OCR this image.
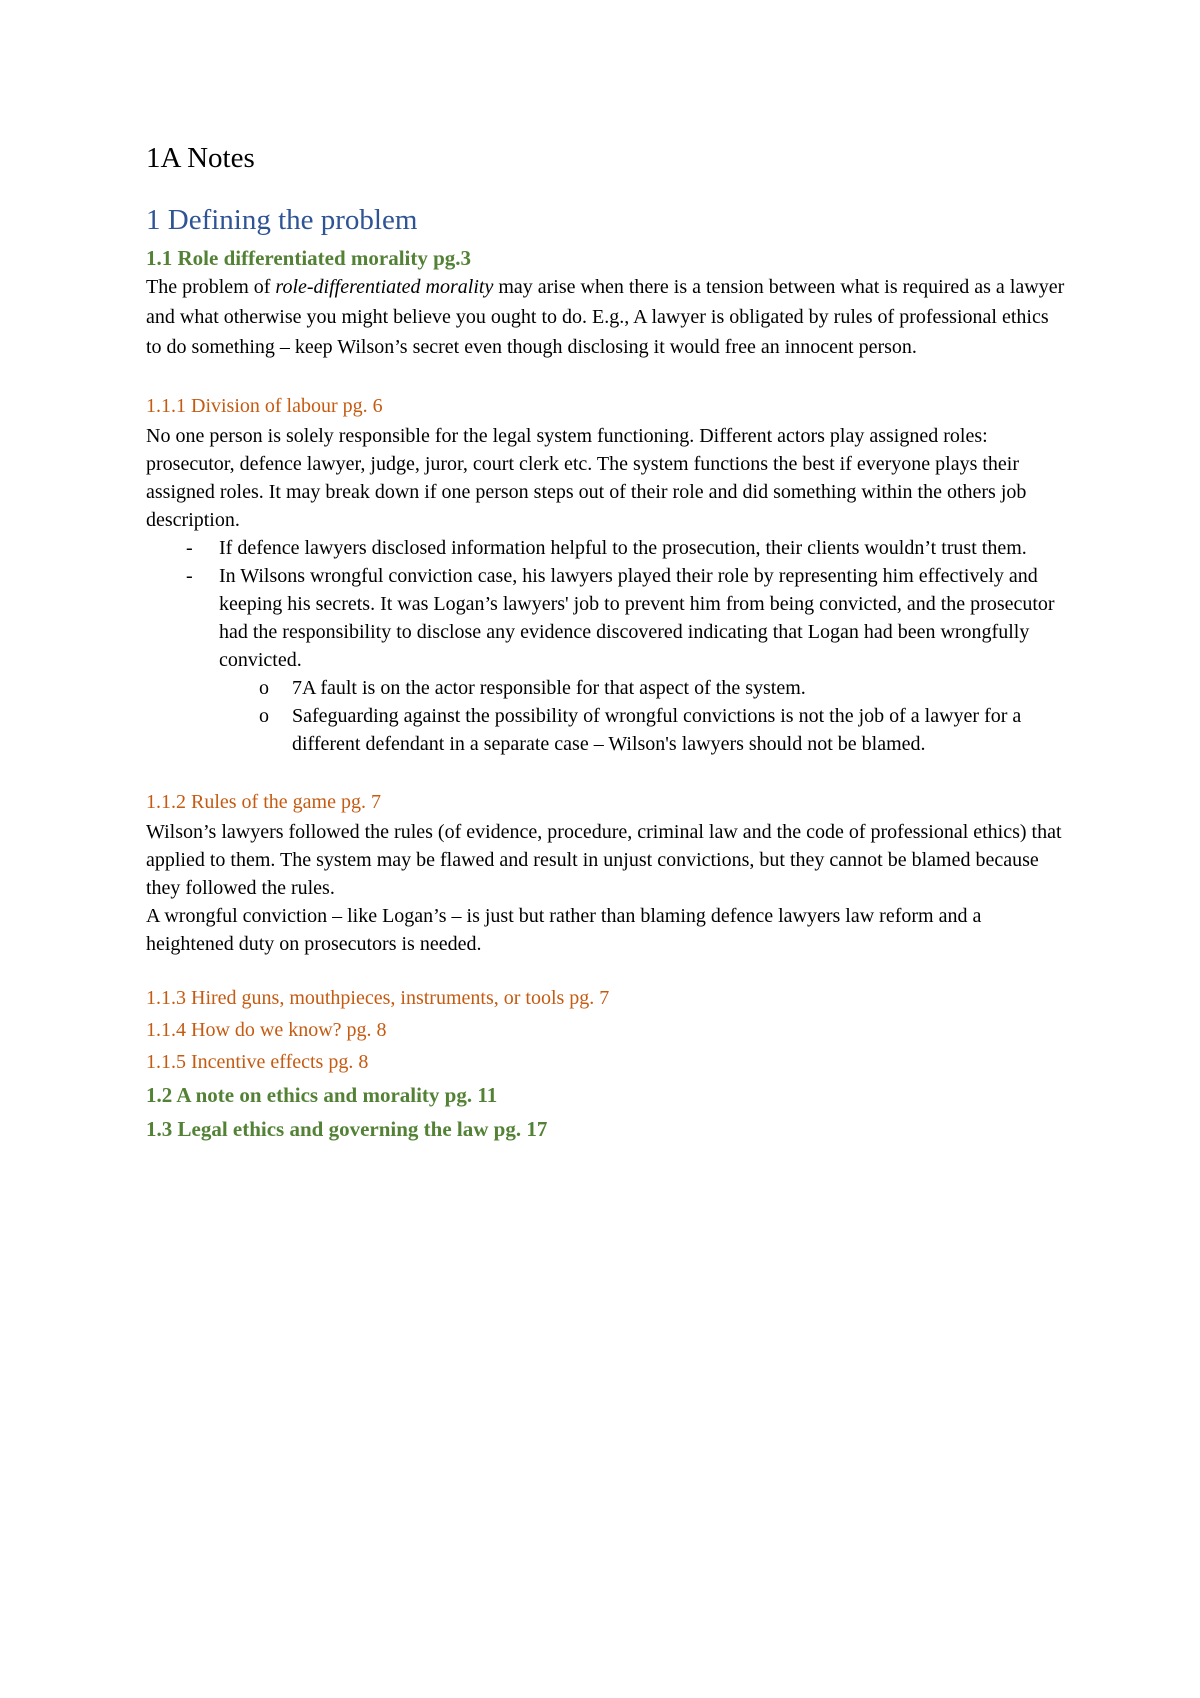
1A Notes
1 Defining the problem
1.1 Role differentiated morality pg.3

The problem of role-differentiated morality may arise when there is a tension between what is required as a lawyer and what otherwise you might believe you ought to do. E.g., A lawyer is obligated by rules of professional ethics to do something – keep Wilson’s secret even though disclosing it would free an innocent person.

1.1.1 Division of labour pg. 6

No one person is solely responsible for the legal system functioning. Different actors play assigned roles: prosecutor, defence lawyer, judge, juror, court clerk etc. The system functions the best if everyone plays their assigned roles. It may break down if one person steps out of their role and did something within the others job description.

- If defence lawyers disclosed information helpful to the prosecution, their clients wouldn’t trust them.
- In Wilsons wrongful conviction case, his lawyers played their role by representing him effectively and keeping his secrets. It was Logan’s lawyers' job to prevent him from being convicted, and the prosecutor had the responsibility to disclose any evidence discovered indicating that Logan had been wrongfully convicted.
o 7A fault is on the actor responsible for that aspect of the system.
o Safeguarding against the possibility of wrongful convictions is not the job of a lawyer for a different defendant in a separate case – Wilson's lawyers should not be blamed.
1.1.2 Rules of the game pg. 7

Wilson’s lawyers followed the rules (of evidence, procedure, criminal law and the code of professional ethics) that applied to them. The system may be flawed and result in unjust convictions, but they cannot be blamed because they followed the rules.

A wrongful conviction – like Logan’s – is just but rather than blaming defence lawyers law reform and a heightened duty on prosecutors is needed.

1.1.3 Hired guns, mouthpieces, instruments, or tools pg. 7
1.1.4 How do we know? pg. 8
1.1.5 Incentive effects pg. 8
1.2 A note on ethics and morality pg. 11
1.3 Legal ethics and governing the law pg. 17
